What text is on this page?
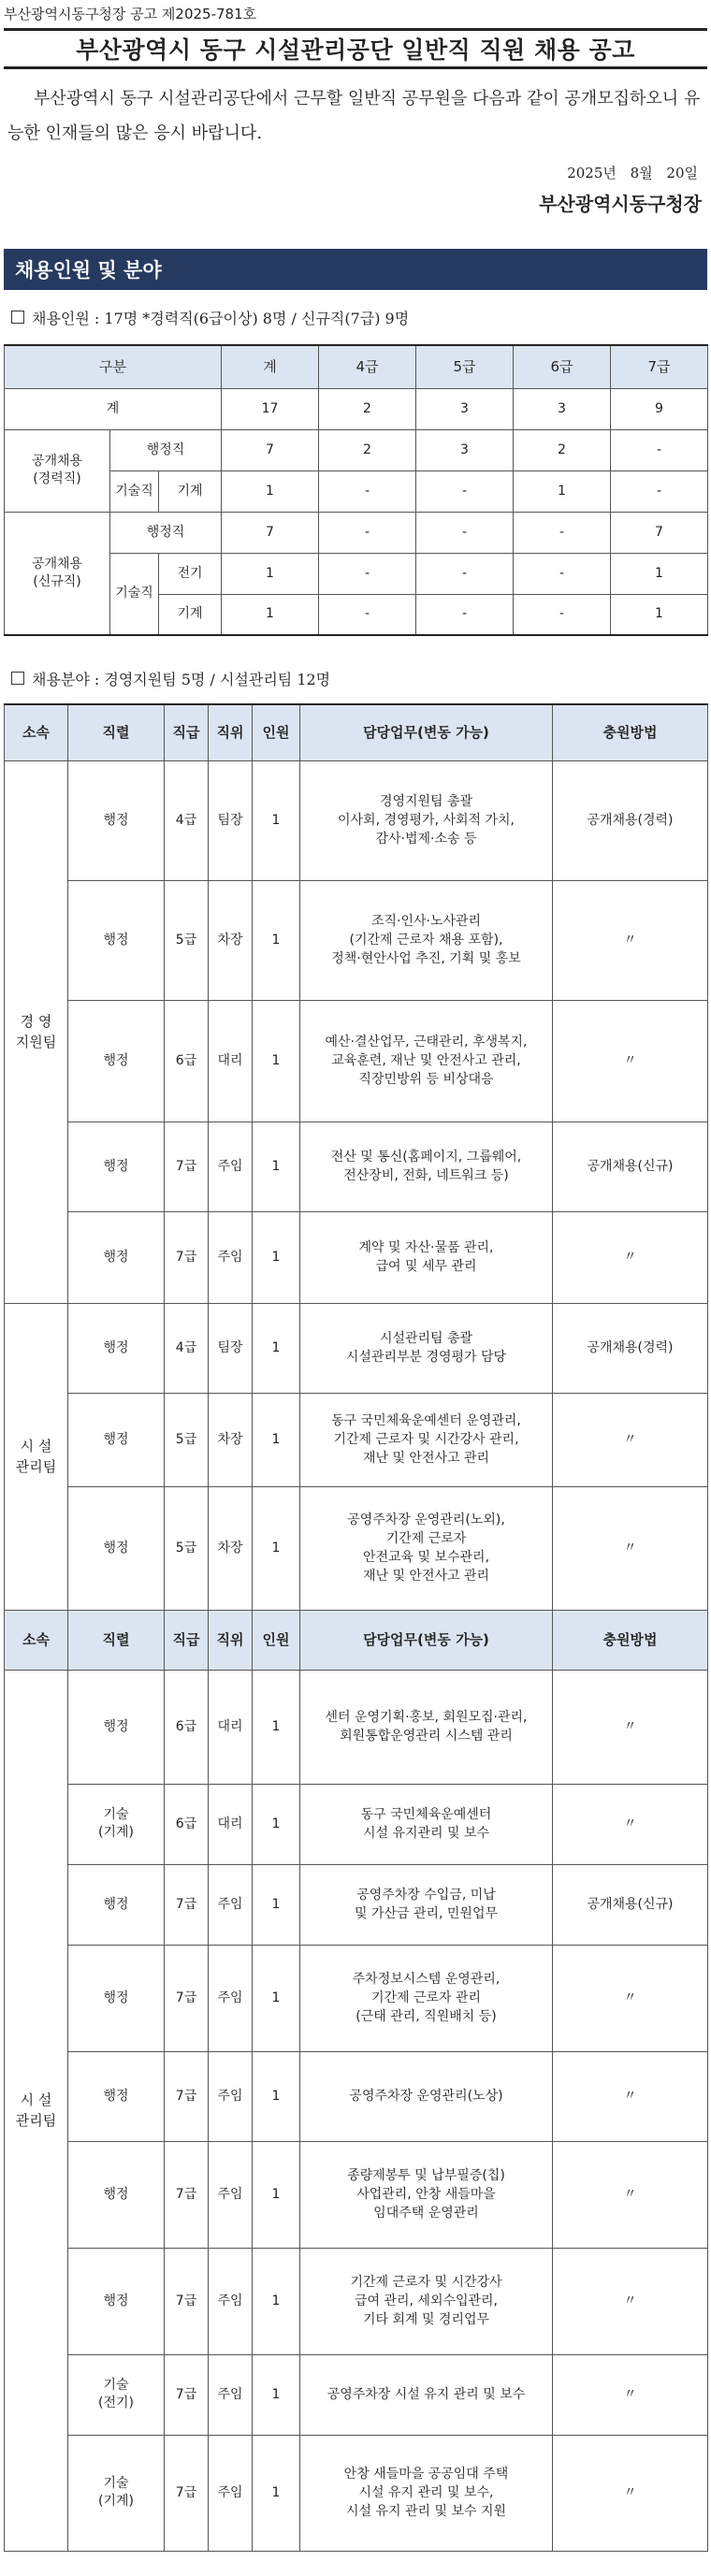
부산광역시동구청장 공고 제2025-781호
부산광역시 동구 시설관리공단 일반직 직원 채용 공고

부산광역시 동구 시설관리공단에서 근무할 일반직 공무원을 다음과 같이 공개모집하오니 유능한 인재들의 많은 응시 바랍니다.

2025년 8월 20일
부산광역시동구청장
채용인원 및 분야
채용인원 : 17명 *경력직(6급이상) 8명 / 신규직(7급) 9명
구분			계	4급	5급	6급	7급
계			17	2	3	3	9
공개채용
(경력직)	행정직		7	2	3	2	-
	기술직	기계	1	-	-	1	-
공개채용
(신규직)	행정직		7	-	-	-	7
	기술직	전기	1	-	-	-	1
		기계	1	-	-	-	1
채용분야 : 경영지원팀 5명 / 시설관리팀 12명
소속	직렬	직급	직위	인원	담당업무(변동 가능)	충원방법
경 영
지원팀	행정	4급	팀장	1	경영지원팀 총괄
이사회, 경영평가, 사회적 가치,
감사·법제·소송 등	공개채용(경력)
	행정	5급	차장	1	조직·인사·노사관리
(기간제 근로자 채용 포함),
정책·현안사업 추진, 기획 및 홍보	〃
	행정	6급	대리	1	예산·결산업무, 근태관리, 후생복지,
교육훈련, 재난 및 안전사고 관리,
직장민방위 등 비상대응	〃
	행정	7급	주임	1	전산 및 통신(홈페이지, 그룹웨어,
전산장비, 전화, 네트워크 등)	공개채용(신규)
	행정	7급	주임	1	계약 및 자산·물품 관리,
급여 및 세무 관리	〃
시 설
관리팀	행정	4급	팀장	1	시설관리팀 총괄
시설관리부분 경영평가 담당	공개채용(경력)
	행정	5급	차장	1	동구 국민체육운예센터 운영관리,
기간제 근로자 및 시간강사 관리,
재난 및 안전사고 관리	〃
	행정	5급	차장	1	공영주차장 운영관리(노외),
기간제 근로자
안전교육 및 보수관리,
재난 및 안전사고 관리	〃
소속	직렬	직급	직위	인원	담당업무(변동 가능)	충원방법
시 설
관리팀	행정	6급	대리	1	센터 운영기획·홍보, 회원모집·관리,
회원통합운영관리 시스템 관리	〃
	기술
(기계)	6급	대리	1	동구 국민체육운예센터
시설 유지관리 및 보수	〃
	행정	7급	주임	1	공영주차장 수입금, 미납
및 가산금 관리, 민원업무	공개채용(신규)
	행정	7급	주임	1	주차정보시스템 운영관리,
기간제 근로자 관리
(근태 관리, 직원배치 등)	〃
	행정	7급	주임	1	공영주차장 운영관리(노상)	〃
	행정	7급	주임	1	종량제봉투 및 납부필증(칩)
사업관리, 안창 새들마을
임대주택 운영관리	〃
	행정	7급	주임	1	기간제 근로자 및 시간강사
급여 관리, 세외수입관리,
기타 회계 및 경리업무	〃
	기술
(전기)	7급	주임	1	공영주차장 시설 유지 관리 및 보수	〃
	기술
(기계)	7급	주임	1	안창 새들마을 공공임대 주택
시설 유지 관리 및 보수,
시설 유지 관리 및 보수 지원	〃
